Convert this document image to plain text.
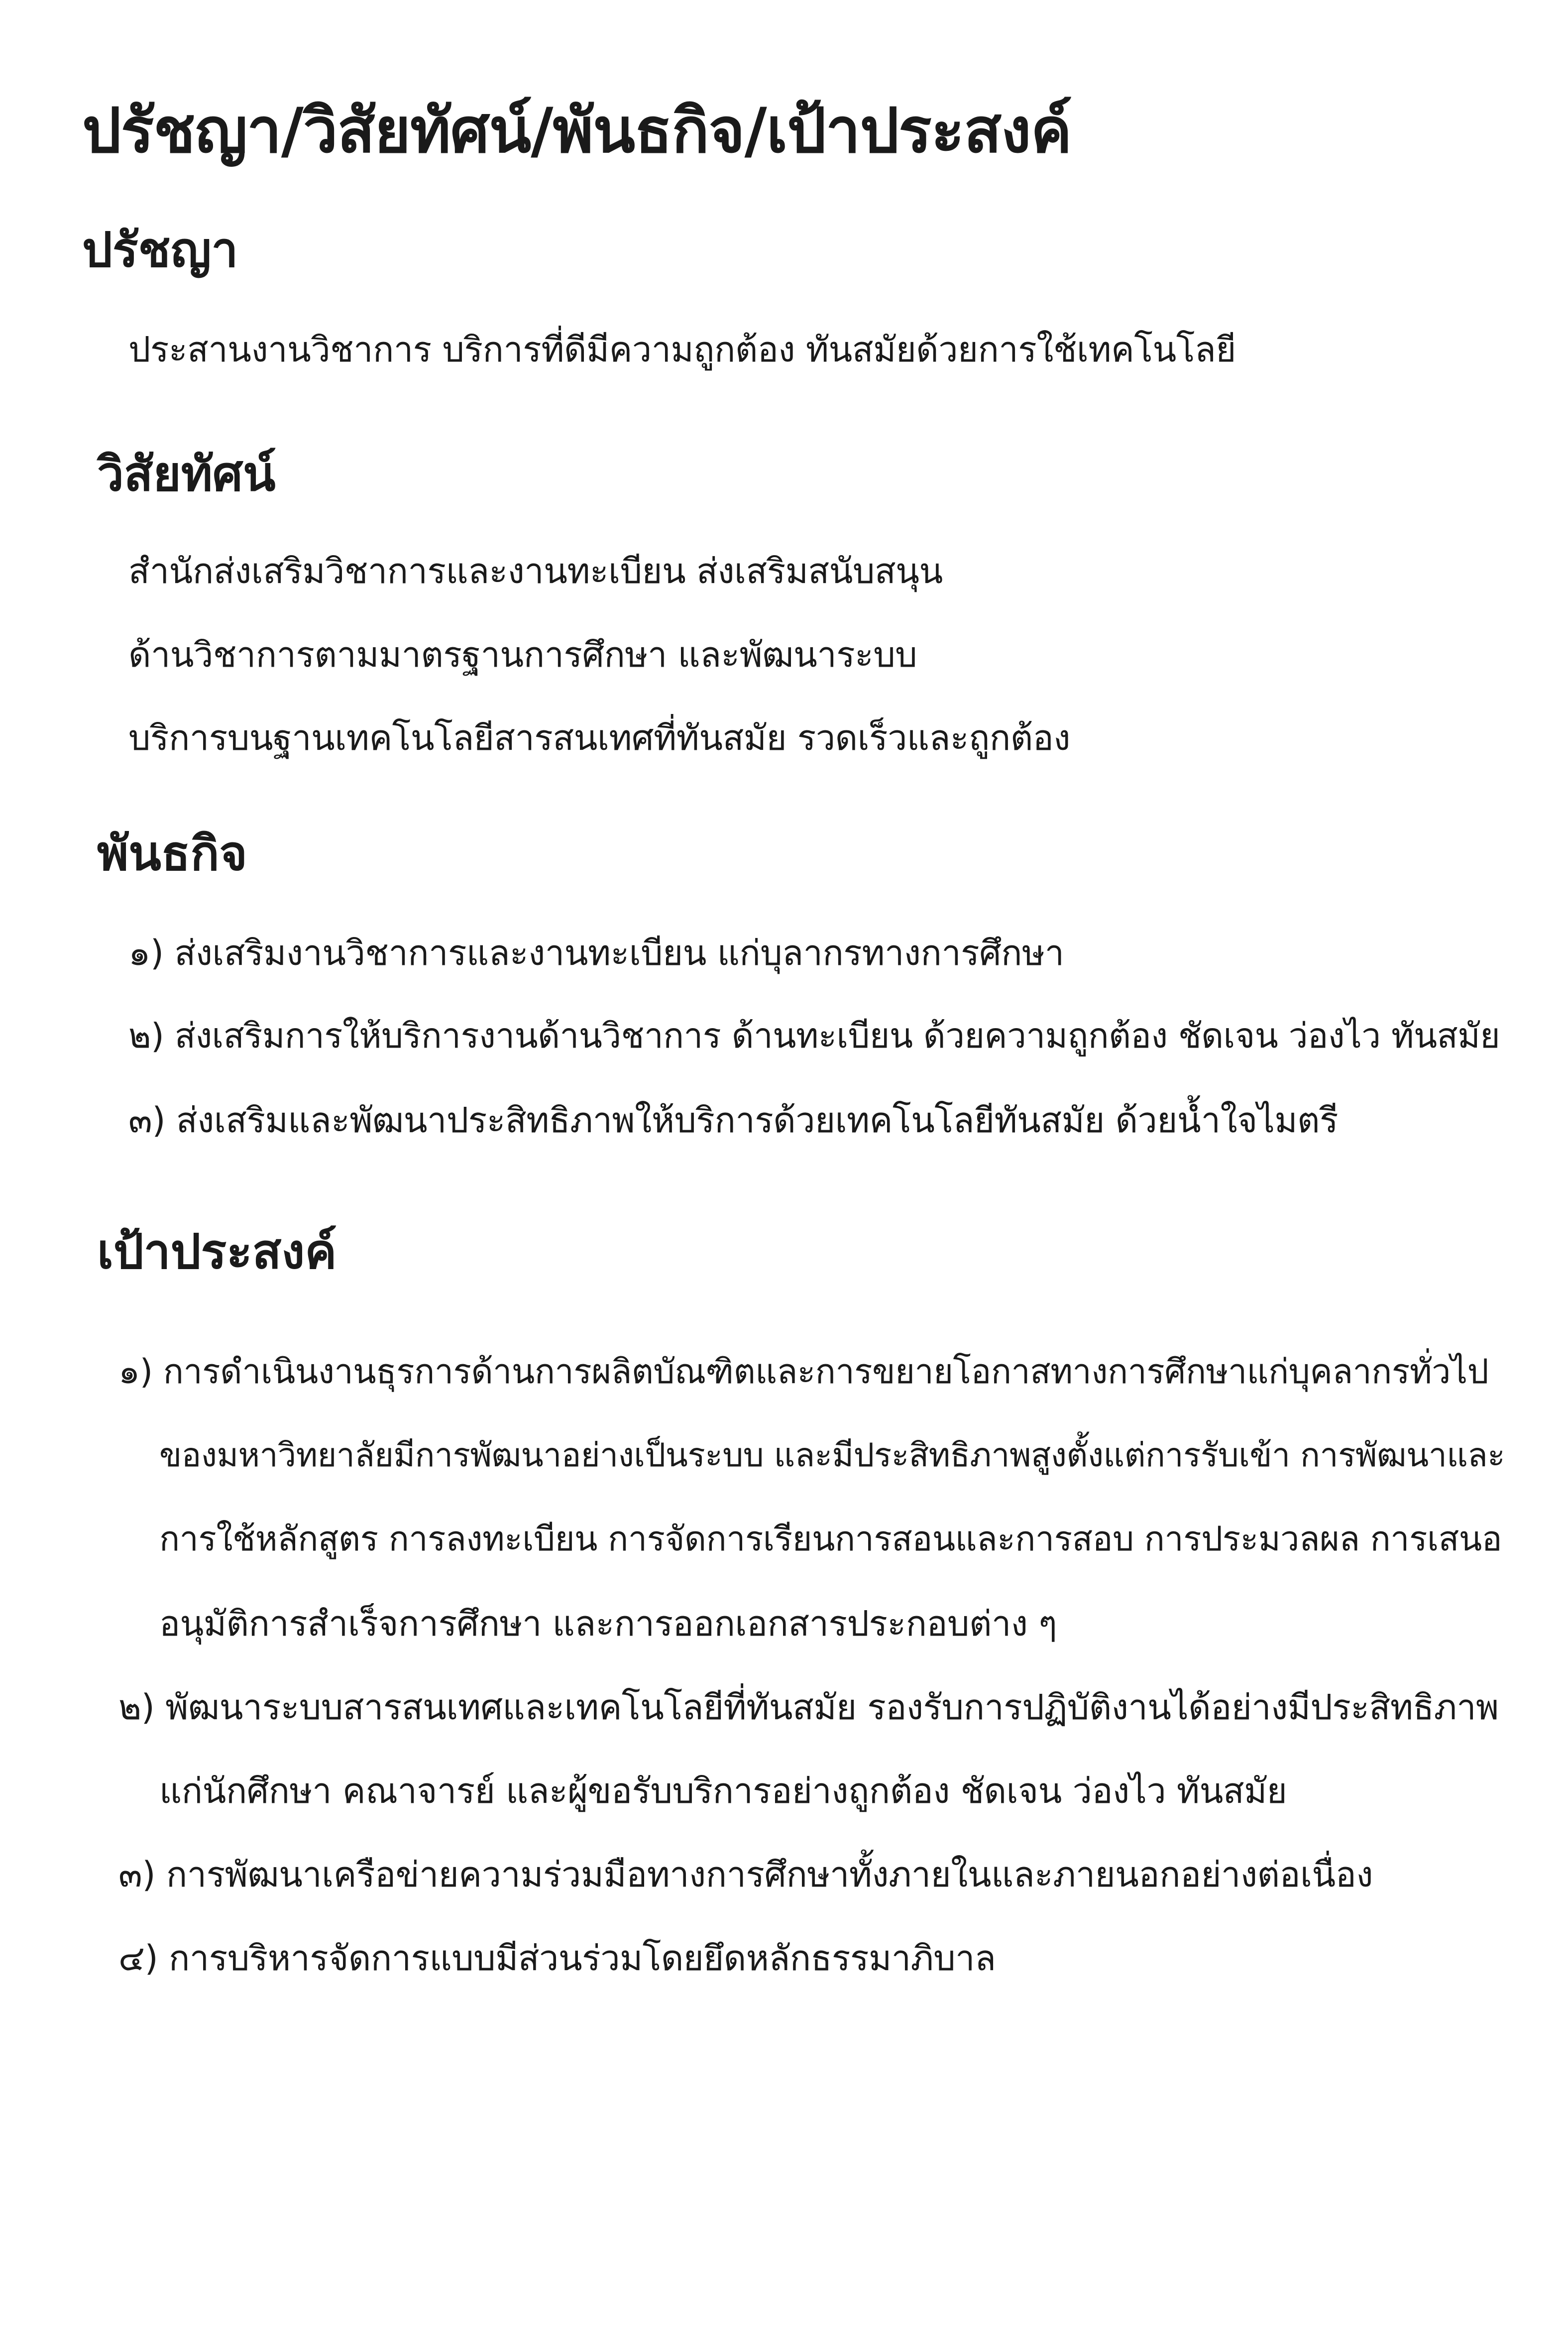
ปรัชญา/วิสัยทัศน์/พันธกิจ/เป้าประสงค์
ปรัชญา

ประสานงานวิชาการ บริการที่ดีมีความถูกต้อง ทันสมัยด้วยการใช้เทคโนโลยี

วิสัยทัศน์

สำนักส่งเสริมวิชาการและงานทะเบียน ส่งเสริมสนับสนุน

ด้านวิชาการตามมาตรฐานการศึกษา และพัฒนาระบบ

บริการบนฐานเทคโนโลยีสารสนเทศที่ทันสมัย รวดเร็วและถูกต้อง

พันธกิจ

๑) ส่งเสริมงานวิชาการและงานทะเบียน แก่บุลากรทางการศึกษา

๒) ส่งเสริมการให้บริการงานด้านวิชาการ ด้านทะเบียน ด้วยความถูกต้อง ชัดเจน ว่องไว ทันสมัย

๓) ส่งเสริมและพัฒนาประสิทธิภาพให้บริการด้วยเทคโนโลยีทันสมัย ด้วยน้ำใจไมตรี

เป้าประสงค์

๑) การดำเนินงานธุรการด้านการผลิตบัณฑิตและการขยายโอกาสทางการศึกษาแก่บุคลากรทั่วไป

ของมหาวิทยาลัยมีการพัฒนาอย่างเป็นระบบ และมีประสิทธิภาพสูงตั้งแต่การรับเข้า การพัฒนาและ

การใช้หลักสูตร การลงทะเบียน การจัดการเรียนการสอนและการสอบ การประมวลผล การเสนอ

อนุมัติการสำเร็จการศึกษา และการออกเอกสารประกอบต่าง ๆ

๒) พัฒนาระบบสารสนเทศและเทคโนโลยีที่ทันสมัย รองรับการปฏิบัติงานได้อย่างมีประสิทธิภาพ

แก่นักศึกษา คณาจารย์ และผู้ขอรับบริการอย่างถูกต้อง ชัดเจน ว่องไว ทันสมัย

๓) การพัฒนาเครือข่ายความร่วมมือทางการศึกษาทั้งภายในและภายนอกอย่างต่อเนื่อง

๔) การบริหารจัดการแบบมีส่วนร่วมโดยยึดหลักธรรมาภิบาล
